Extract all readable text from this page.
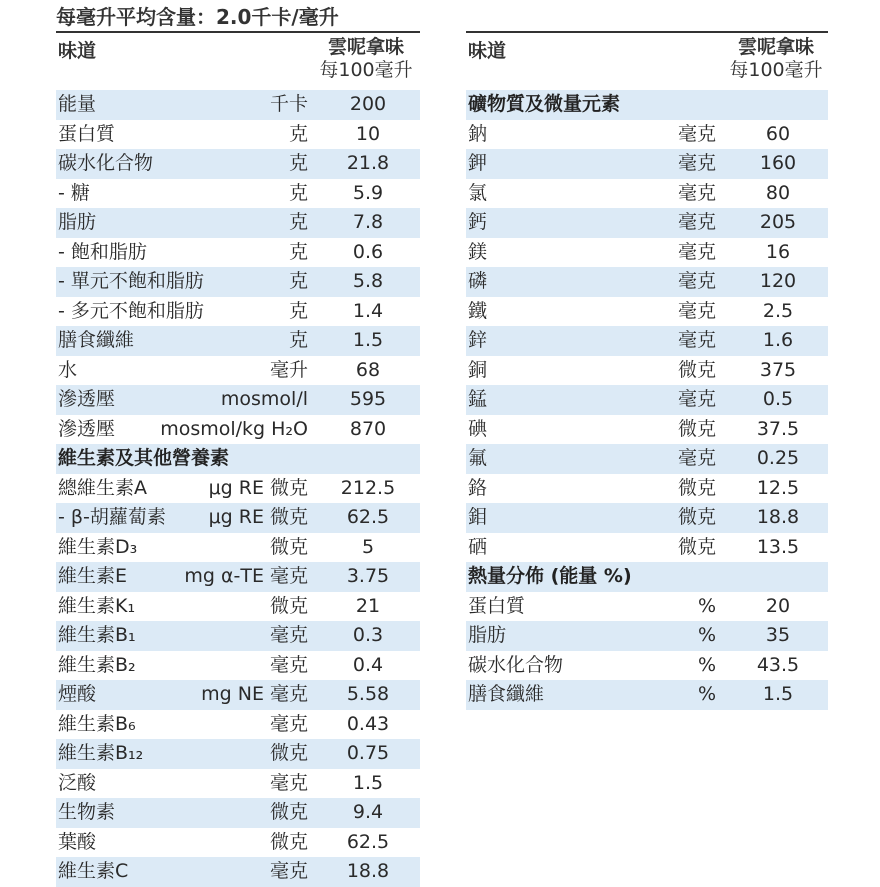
每毫升平均含量：2.0千卡/毫升
味道	雲呢拿味
每100毫升
味道	雲呢拿味
每100毫升
能量	千卡	200
蛋白質	克	10
碳水化合物	克	21.8
- 糖	克	5.9
脂肪	克	7.8
- 飽和脂肪	克	0.6
- 單元不飽和脂肪	克	5.8
- 多元不飽和脂肪	克	1.4
膳食纖維	克	1.5
水	毫升	68
滲透壓	mosmol/l	595
滲透壓 mosmol/kg H₂O	870
維生素及其他營養素
總維生素A	μg RE 微克	212.5
- β-胡蘿蔔素 μg RE 微克	62.5
維生素D₃	微克	5
維生素E	mg α-TE 毫克	3.75
維生素K₁	微克	21
維生素B₁	毫克	0.3
維生素B₂	毫克	0.4
煙酸	mg NE 毫克	5.58
維生素B₆	毫克	0.43
維生素B₁₂	微克	0.75
泛酸	毫克	1.5
生物素	微克	9.4
葉酸	微克	62.5
維生素C	毫克	18.8
礦物質及微量元素
鈉	毫克	60
鉀	毫克	160
氯	毫克	80
鈣	毫克	205
鎂	毫克	16
磷	毫克	120
鐵	毫克	2.5
鋅	毫克	1.6
銅	微克	375
錳	毫克	0.5
碘	微克	37.5
氟	毫克	0.25
鉻	微克	12.5
鉬	微克	18.8
硒	微克	13.5
熱量分佈 (能量 %)
蛋白質	%	20
脂肪	%	35
碳水化合物	%	43.5
膳食纖維	%	1.5
